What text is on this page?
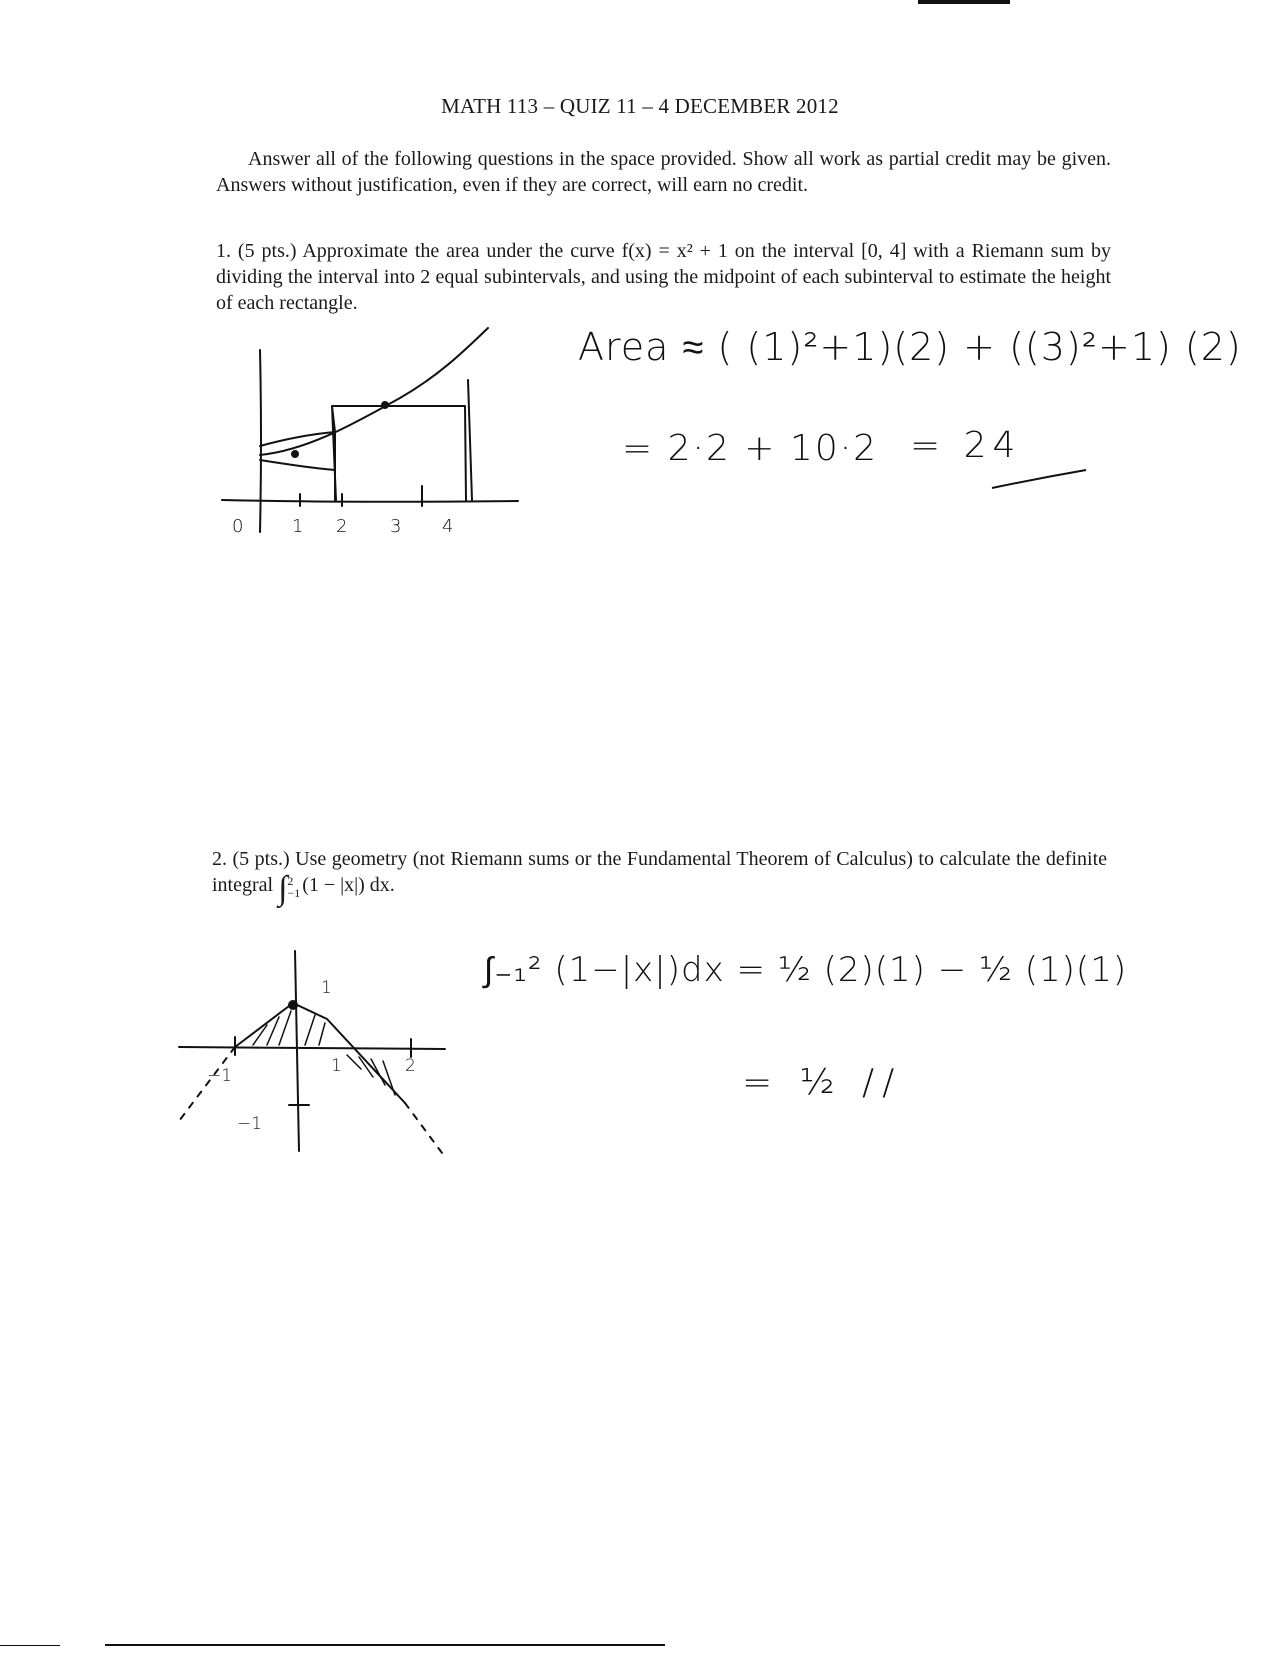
MATH 113 – QUIZ 11 – 4 DECEMBER 2012
Answer all of the following questions in the space provided. Show all work as partial credit may be given. Answers without justification, even if they are correct, will earn no credit.
1. (5 pts.) Approximate the area under the curve f(x) = x² + 1 on the interval [0, 4] with a Riemann sum by dividing the interval into 2 equal subintervals, and using the midpoint of each subinterval to estimate the height of each rectangle.
0	1 2 3 4
Area ≈ ( (1)²+1)(2) + ((3)²+1) (2)
= 2·2 + 10·2 = 24
2. (5 pts.) Use geometry (not Riemann sums or the Fundamental Theorem of Calculus) to calculate the definite integral ∫ 2
−1 (1 − |x|) dx.
1
−1	1	2
−1
∫₋₁² (1−|x|)dx = ½ (2)(1) − ½ (1)(1)
= ½ //
